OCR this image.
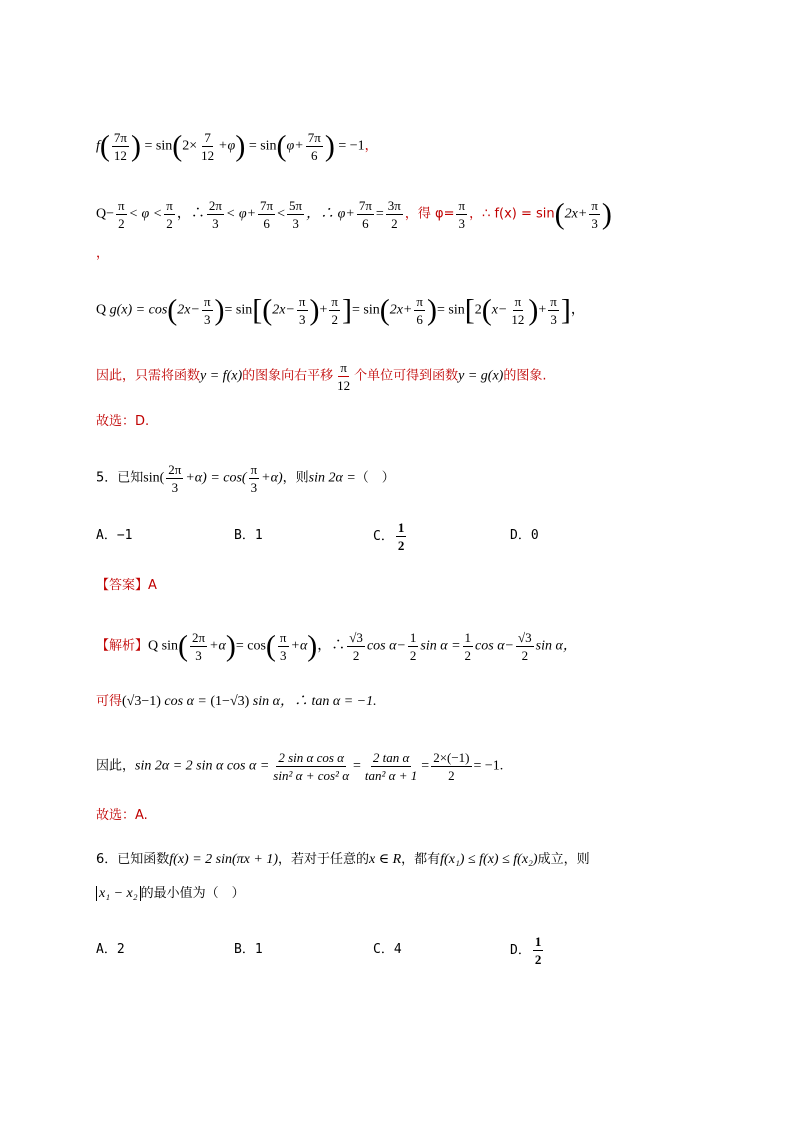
$f( \frac{7\pi}{12}$ ) = $\sin(2\times \frac{7}{12} +\varphi) = \sin(\varphi+ \frac{7\pi}{6}$ ) = −1，
$Q- \frac{\pi}{2} < \varphi < \frac{\pi}{2}$ ，∴ $\frac{2\pi}{3} < \varphi+ \frac{7\pi}{6} < \frac{5\pi}{3}$ ，∴ $\varphi+ \frac{7\pi}{6} = \frac{3\pi}{2}$ ，得 $\varphi= \frac{\pi}{3}$ ，∴ $f(x) = \sin(2x+ \frac{\pi}{3}$ )
，
Q $g(x) = \cos(2x- \frac{\pi}{3}$ )= $\sin[(2x- \frac{\pi}{3}$ )+ $\frac{\pi}{2}$ ]= $\sin(2x+ \frac{\pi}{6}$ )= $\sin[2(x- \frac{\pi}{12}$ )+ $\frac{\pi}{3}$ ]，
因此，只需将函数y = f(x)的图象向右平移 $\frac{\pi}{12}$ 个单位可得到函数y = g(x)的图象.
故选：D.
5．已知$\sin( \frac{2\pi}{3} +\alpha) = \cos( \frac{\pi}{3} +\alpha)$，则sin 2α =（　）
A．−1	B．1	C． $\frac{1}{2}$	D．0
【答案】A
【解析】Q $\sin( \frac{2\pi}{3} +\alpha)= \cos( \frac{\pi}{3} +\alpha)$，∴ $\frac{√3}{2}$ $\cos \alpha- \frac{1}{2}$ $\sin \alpha = \frac{1}{2}$ $\cos \alpha- \frac{√3}{2}$ sin α，
可得(√3−1) cos α = (1−√3) sin α，∴ tan α = −1.
因此，sin 2α = 2 sin α $\cos \alpha = \frac{\text{2 sin α cos α}}{\text{sin² α + cos² α}} = \frac{\text{2 tan α}}{\text{tan² α + 1}} = \frac{2\times(-1)}{2} = -1$.
故选：A.
6．已知函数f(x) = 2 sin(πx + 1)，若对于任意的x ∈ R，都有f(x₁) ≤ f(x) ≤ f(x₂)成立，则
x₁ − x₂ 的最小值为（　）
A．2	B．1	C．4	D． $\frac{1}{2}$
